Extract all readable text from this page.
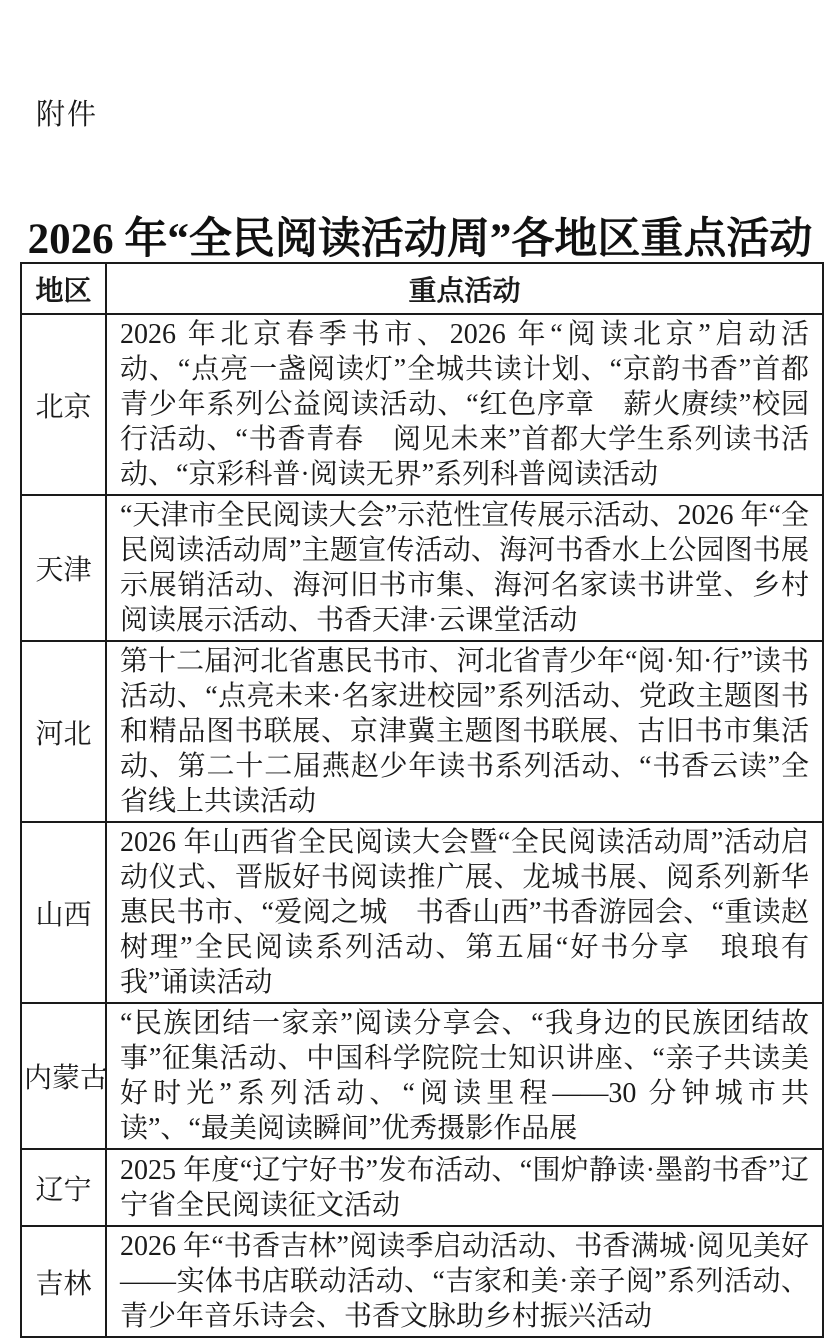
附件
2026 年“全民阅读活动周”各地区重点活动
地区	重点活动
北京	2026 年北京春季书市、2026 年“阅读北京”启动活动、“点亮一盏阅读灯”全城共读计划、“京韵书香”首都青少年系列公益阅读活动、“红色序章　薪火赓续”校园行活动、“书香青春　阅见未来”首都大学生系列读书活动、“京彩科普·阅读无界”系列科普阅读活动
天津	“天津市全民阅读大会”示范性宣传展示活动、2026 年“全民阅读活动周”主题宣传活动、海河书香水上公园图书展示展销活动、海河旧书市集、海河名家读书讲堂、乡村阅读展示活动、书香天津·云课堂活动
河北	第十二届河北省惠民书市、河北省青少年“阅·知·行”读书活动、“点亮未来·名家进校园”系列活动、党政主题图书和精品图书联展、京津冀主题图书联展、古旧书市集活动、第二十二届燕赵少年读书系列活动、“书香云读”全省线上共读活动
山西	2026 年山西省全民阅读大会暨“全民阅读活动周”活动启动仪式、晋版好书阅读推广展、龙城书展、阅系列新华惠民书市、“爱阅之城　书香山西”书香游园会、“重读赵树理”全民阅读系列活动、第五届“好书分享　琅琅有我”诵读活动
内蒙古	“民族团结一家亲”阅读分享会、“我身边的民族团结故事”征集活动、中国科学院院士知识讲座、“亲子共读美好时光”系列活动、“阅读里程——30 分钟城市共读”、“最美阅读瞬间”优秀摄影作品展
辽宁	2025 年度“辽宁好书”发布活动、“围炉静读·墨韵书香”辽宁省全民阅读征文活动
吉林	2026 年“书香吉林”阅读季启动活动、书香满城·阅见美好——实体书店联动活动、“吉家和美·亲子阅”系列活动、青少年音乐诗会、书香文脉助乡村振兴活动
